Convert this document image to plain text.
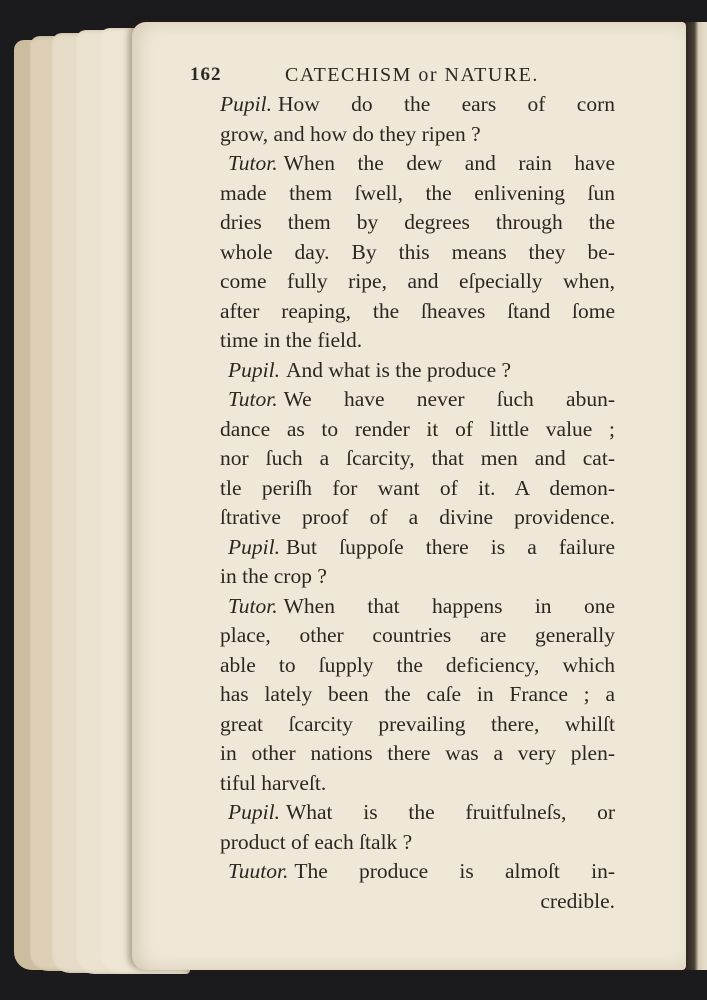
162	CATECHISM or NATURE.
Pupil. How do the ears of corn
grow, and how do they ripen ?
Tutor. When the dew and rain have
made them ſwell, the enlivening ſun
dries them by degrees through the
whole day. By this means they be-
come fully ripe, and eſpecially when,
after reaping, the ſheaves ſtand ſome
time in the field.
Pupil. And what is the produce ?
Tutor. We have never ſuch abun-
dance as to render it of little value ;
nor ſuch a ſcarcity, that men and cat-
tle periſh for want of it. A demon-
ſtrative proof of a divine providence.
Pupil. But ſuppoſe there is a failure
in the crop ?
Tutor. When that happens in one
place, other countries are generally
able to ſupply the deficiency, which
has lately been the caſe in France ; a
great ſcarcity prevailing there, whilſt
in other nations there was a very plen-
tiful harveſt.
Pupil. What is the fruitfulneſs, or
product of each ſtalk ?
Tuutor. The produce is almoſt in-
credible.
